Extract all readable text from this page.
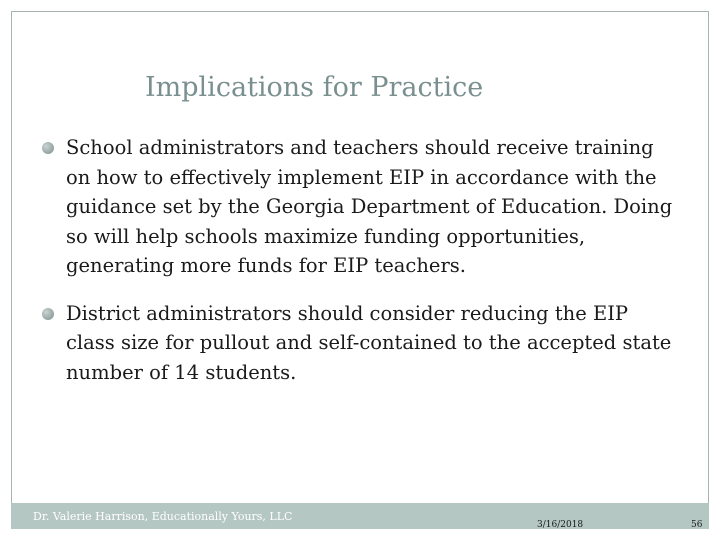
Implications for Practice
School administrators and teachers should receive training on how to effectively implement EIP in accordance with the guidance set by the Georgia Department of Education. Doing so will help schools maximize funding opportunities, generating more funds for EIP teachers.
District administrators should consider reducing the EIP class size for pullout and self-contained to the accepted state number of 14 students.
Dr. Valerie Harrison, Educationally Yours, LLC
3/16/2018	56
